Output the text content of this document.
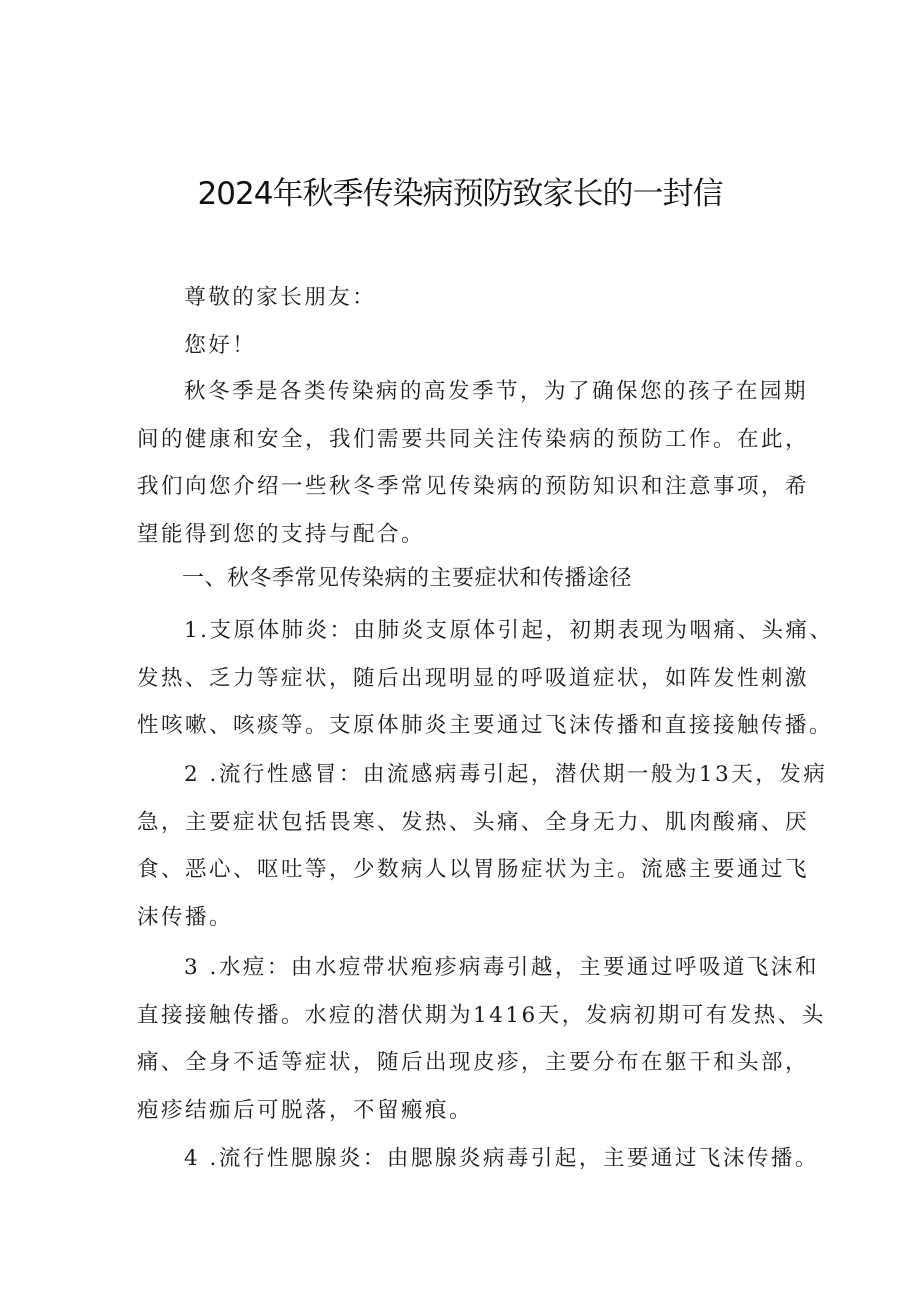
2024年秋季传染病预防致家长的一封信

尊敬的家长朋友：

您好！

秋冬季是各类传染病的高发季节，为了确保您的孩子在园期
间的健康和安全，我们需要共同关注传染病的预防工作。在此，
我们向您介绍一些秋冬季常见传染病的预防知识和注意事项，希
望能得到您的支持与配合。
一、秋冬季常见传染病的主要症状和传播途径
1.支原体肺炎：由肺炎支原体引起，初期表现为咽痛、头痛、
发热、乏力等症状，随后出现明显的呼吸道症状，如阵发性刺激
性咳嗽、咳痰等。支原体肺炎主要通过飞沫传播和直接接触传播。
2 .流行性感冒：由流感病毒引起，潜伏期一般为13天，发病
急，主要症状包括畏寒、发热、头痛、全身无力、肌肉酸痛、厌
食、恶心、呕吐等，少数病人以胃肠症状为主。流感主要通过飞
沫传播。
3 .水痘：由水痘带状疱疹病毒引越，主要通过呼吸道飞沫和
直接接触传播。水痘的潜伏期为1416天，发病初期可有发热、头
痛、全身不适等症状，随后出现皮疹，主要分布在躯干和头部，
疱疹结痂后可脱落，不留瘢痕。
4 .流行性腮腺炎：由腮腺炎病毒引起，主要通过飞沫传播。
